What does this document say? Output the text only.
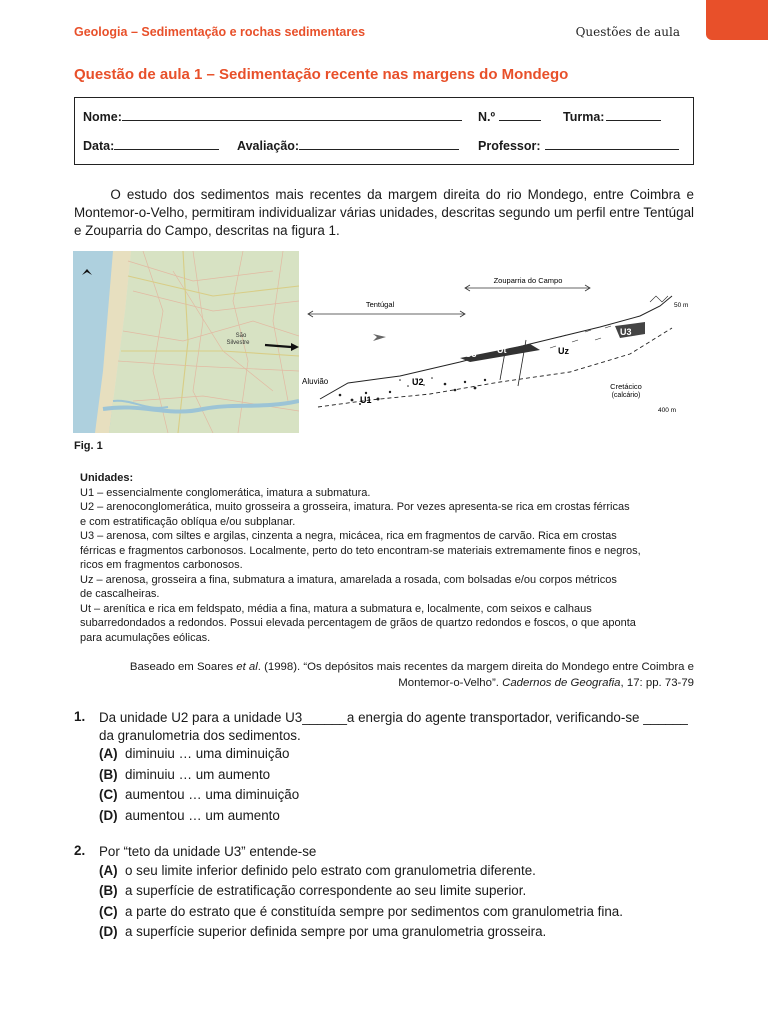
Geologia – Sedimentação e rochas sedimentares	Questões de aula
Questão de aula 1 – Sedimentação recente nas margens do Mondego
Nome:	N.º	Turma:
Data:	Avaliação:	Professor:
O estudo dos sedimentos mais recentes da margem direita do rio Mondego, entre Coimbra e Montemor-o-Velho, permitiram individualizar várias unidades, descritas segundo um perfil entre Tentúgal e Zouparria do Campo, descritas na figura 1.
São
Silvestre
Zouparria do Campo
Tentúgal
U1
U2
U3 Ut	Uz
U3
Aluvião
Cretácico
(calcário)
50 m
400 m
Fig. 1
Unidades:
U1 – essencialmente conglomerática, imatura a submatura.
U2 – arenoconglomerática, muito grosseira a grosseira, imatura. Por vezes apresenta-se rica em crostas férricas
e com estratificação oblíqua e/ou subplanar.
U3 – arenosa, com siltes e argilas, cinzenta a negra, micácea, rica em fragmentos de carvão. Rica em crostas
férricas e fragmentos carbonosos. Localmente, perto do teto encontram-se materiais extremamente finos e negros,
ricos em fragmentos carbonosos.
Uz – arenosa, grosseira a fina, submatura a imatura, amarelada a rosada, com bolsadas e/ou corpos métricos
de cascalheiras.
Ut – arenítica e rica em feldspato, média a fina, matura a submatura e, localmente, com seixos e calhaus
subarredondados a redondos. Possui elevada percentagem de grãos de quartzo redondos e foscos, o que aponta
para acumulações eólicas.
Baseado em Soares et al. (1998). “Os depósitos mais recentes da margem direita do Mondego entre Coimbra e
Montemor-o-Velho”. Cadernos de Geografia, 17: pp. 73-79
1. Da unidade U2 para a unidade U3______a energia do agente transportador, verificando-se ______ da granulometria dos sedimentos.
(A) diminuiu … uma diminuição
(B) diminuiu … um aumento
(C) aumentou … uma diminuição
(D) aumentou … um aumento
2. Por “teto da unidade U3” entende-se
(A) o seu limite inferior definido pelo estrato com granulometria diferente.
(B) a superfície de estratificação correspondente ao seu limite superior.
(C) a parte do estrato que é constituída sempre por sedimentos com granulometria fina.
(D) a superfície superior definida sempre por uma granulometria grosseira.
